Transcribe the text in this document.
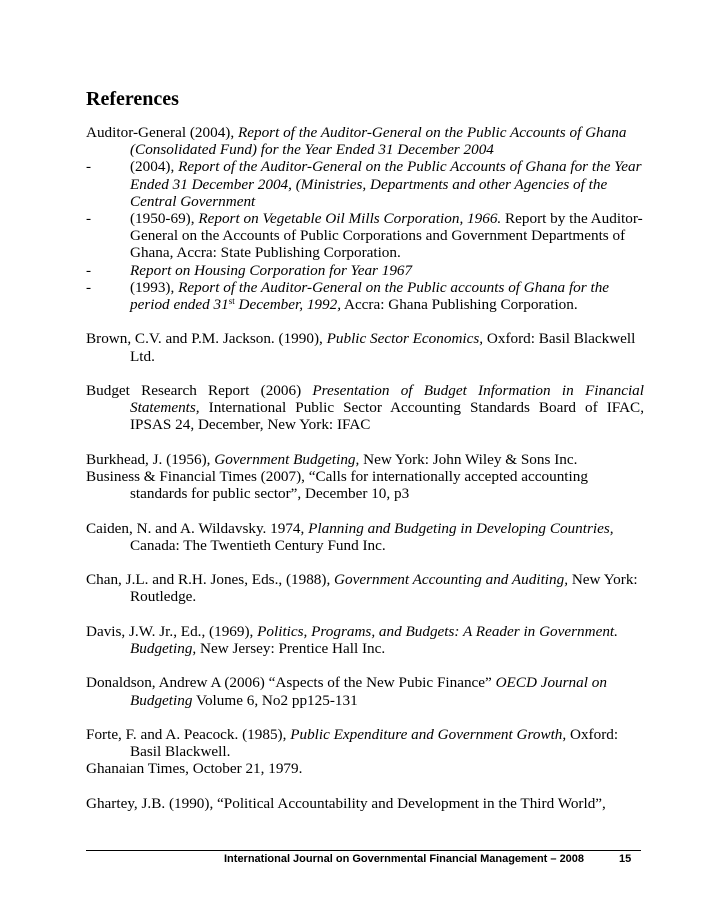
References

Auditor-General (2004), Report of the Auditor-General on the Public Accounts of Ghana (Consolidated Fund) for the Year Ended 31 December 2004

-	(2004), Report of the Auditor-General on the Public Accounts of Ghana for the Year Ended 31 December 2004, (Ministries, Departments and other Agencies of the Central Government

-	(1950-69), Report on Vegetable Oil Mills Corporation, 1966. Report by the Auditor-General on the Accounts of Public Corporations and Government Departments of Ghana, Accra: State Publishing Corporation.

-	Report on Housing Corporation for Year 1967

-	(1993), Report of the Auditor-General on the Public accounts of Ghana for the period ended 31st December, 1992, Accra: Ghana Publishing Corporation.

Brown, C.V. and P.M. Jackson. (1990), Public Sector Economics, Oxford: Basil Blackwell Ltd.

Budget Research Report (2006) Presentation of Budget Information in Financial Statements, International Public Sector Accounting Standards Board of IFAC, IPSAS 24, December, New York: IFAC

Burkhead, J. (1956), Government Budgeting, New York: John Wiley & Sons Inc.

Business & Financial Times (2007), “Calls for internationally accepted accounting standards for public sector”, December 10, p3

Caiden, N. and A. Wildavsky. 1974, Planning and Budgeting in Developing Countries, Canada: The Twentieth Century Fund Inc.

Chan, J.L. and R.H. Jones, Eds., (1988), Government Accounting and Auditing, New York: Routledge.

Davis, J.W. Jr., Ed., (1969), Politics, Programs, and Budgets: A Reader in Government. Budgeting, New Jersey: Prentice Hall Inc.

Donaldson, Andrew A (2006) “Aspects of the New Pubic Finance” OECD Journal on Budgeting Volume 6, No2 pp125-131

Forte, F. and A. Peacock. (1985), Public Expenditure and Government Growth, Oxford: Basil Blackwell.

Ghanaian Times, October 21, 1979.

Ghartey, J.B. (1990), “Political Accountability and Development in the Third World”,

International Journal on Governmental Financial Management – 2008	15
